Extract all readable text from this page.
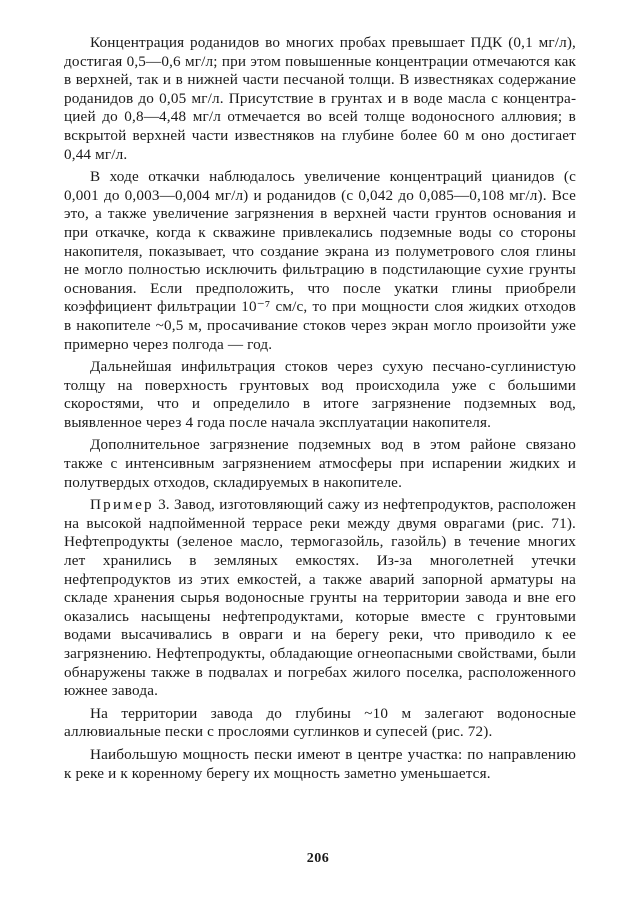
Концентрация роданидов во многих пробах превышает ПДК (0,1 мг/л), достигая 0,5—0,6 мг/л; при этом повышенные концентрации отмечаются как в верхней, так и в нижней части песчаной толщи. В известняках содержание роданидов до 0,05 мг/л. Присутствие в грунтах и в воде масла с концентрацией до 0,8—4,48 мг/л отмечается во всей толще водоносного аллювия; в вскрытой верхней части известняков на глубине более 60 м оно достигает 0,44 мг/л.

В ходе откачки наблюдалось увеличение концентраций цианидов (с 0,001 до 0,003—0,004 мг/л) и роданидов (с 0,042 до 0,085—0,108 мг/л). Все это, а также увеличение загрязнения в верхней части грунтов основания и при откачке, когда к скважине привлекались подземные воды со стороны накопителя, показывает, что создание экрана из полуметрового слоя глины не могло полностью исключить фильтрацию в подстилающие сухие грунты основания. Если предположить, что после укатки глины приобрели коэффициент фильтрации 10⁻⁷ см/с, то при мощности слоя жидких отходов в накопителе ~0,5 м, просачивание стоков через экран могло произойти уже примерно через полгода — год.

Дальнейшая инфильтрация стоков через сухую песчано-суглинистую толщу на поверхность грунтовых вод происходила уже с большими скоростями, что и определило в итоге загрязнение подземных вод, выявленное через 4 года после начала эксплуатации накопителя.

Дополнительное загрязнение подземных вод в этом районе связано также с интенсивным загрязнением атмосферы при испарении жидких и полутвердых отходов, складируемых в накопителе.

Пример 3. Завод, изготовляющий сажу из нефтепродуктов, расположен на высокой надпойменной террасе реки между двумя оврагами (рис. 71). Нефтепродукты (зеленое масло, термогазойль, газойль) в течение многих лет хранились в земляных емкостях. Из-за многолетней утечки нефтепродуктов из этих емкостей, а также аварий запорной арматуры на складе хранения сырья водоносные грунты на территории завода и вне его оказались насыщены нефтепродуктами, которые вместе с грунтовыми водами высачивались в овраги и на берегу реки, что приводило к ее загрязнению. Нефтепродукты, обладающие огнеопасными свойствами, были обнаружены также в подвалах и погребах жилого поселка, расположенного южнее завода.

На территории завода до глубины ~10 м залегают водоносные аллювиальные пески с прослоями суглинков и супесей (рис. 72).

Наибольшую мощность пески имеют в центре участка: по направлению к реке и к коренному берегу их мощность заметно уменьшается.

206
